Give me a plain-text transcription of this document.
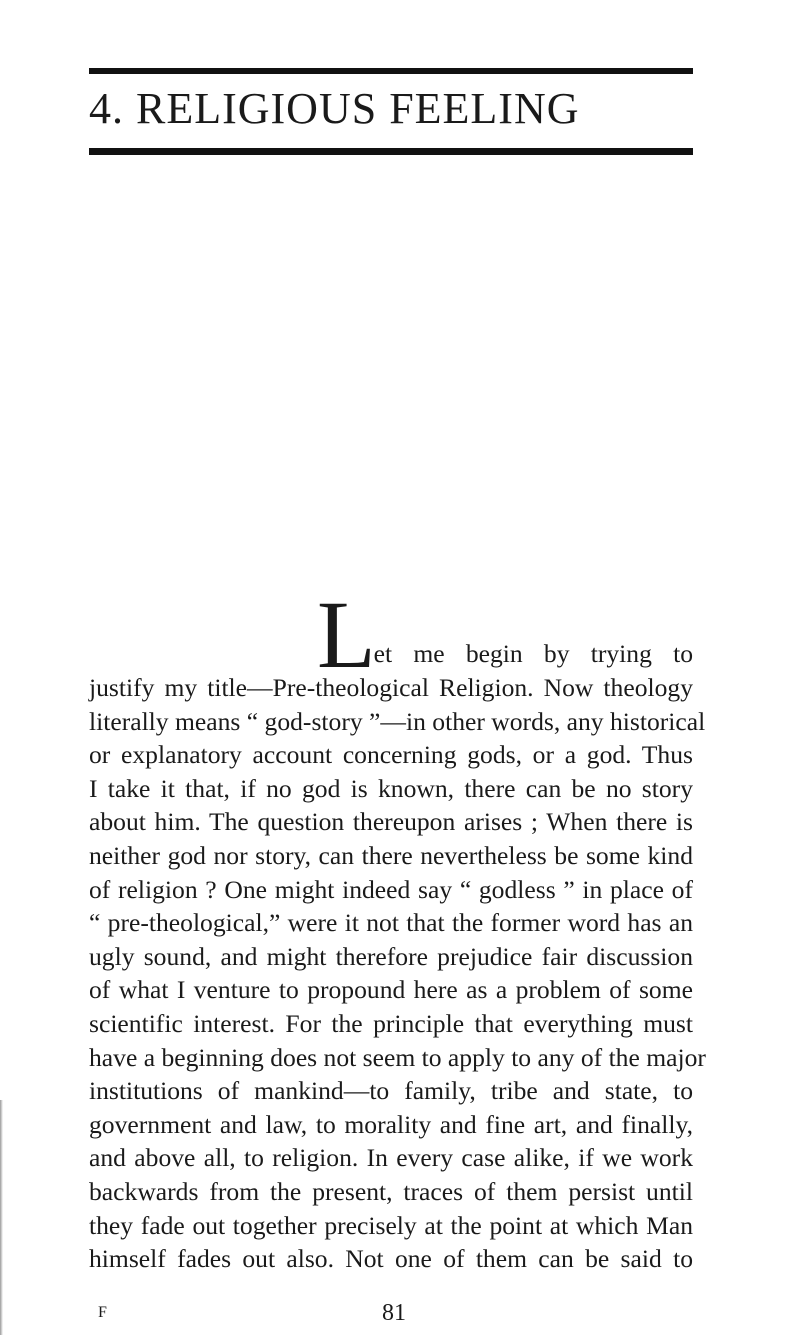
4. RELIGIOUS FEELING
L
et me begin by trying to
justify my title—Pre-theological Religion. Now theology
literally means “ god-story ”—in other words, any historical
or explanatory account concerning gods, or a god. Thus
I take it that, if no god is known, there can be no story
about him. The question thereupon arises ; When there is
neither god nor story, can there nevertheless be some kind
of religion ? One might indeed say “ godless ” in place of
“ pre-theological,” were it not that the former word has an
ugly sound, and might therefore prejudice fair discussion
of what I venture to propound here as a problem of some
scientific interest. For the principle that everything must
have a beginning does not seem to apply to any of the major
institutions of mankind—to family, tribe and state, to
government and law, to morality and fine art, and finally,
and above all, to religion. In every case alike, if we work
backwards from the present, traces of them persist until
they fade out together precisely at the point at which Man
himself fades out also. Not one of them can be said to
F	81
